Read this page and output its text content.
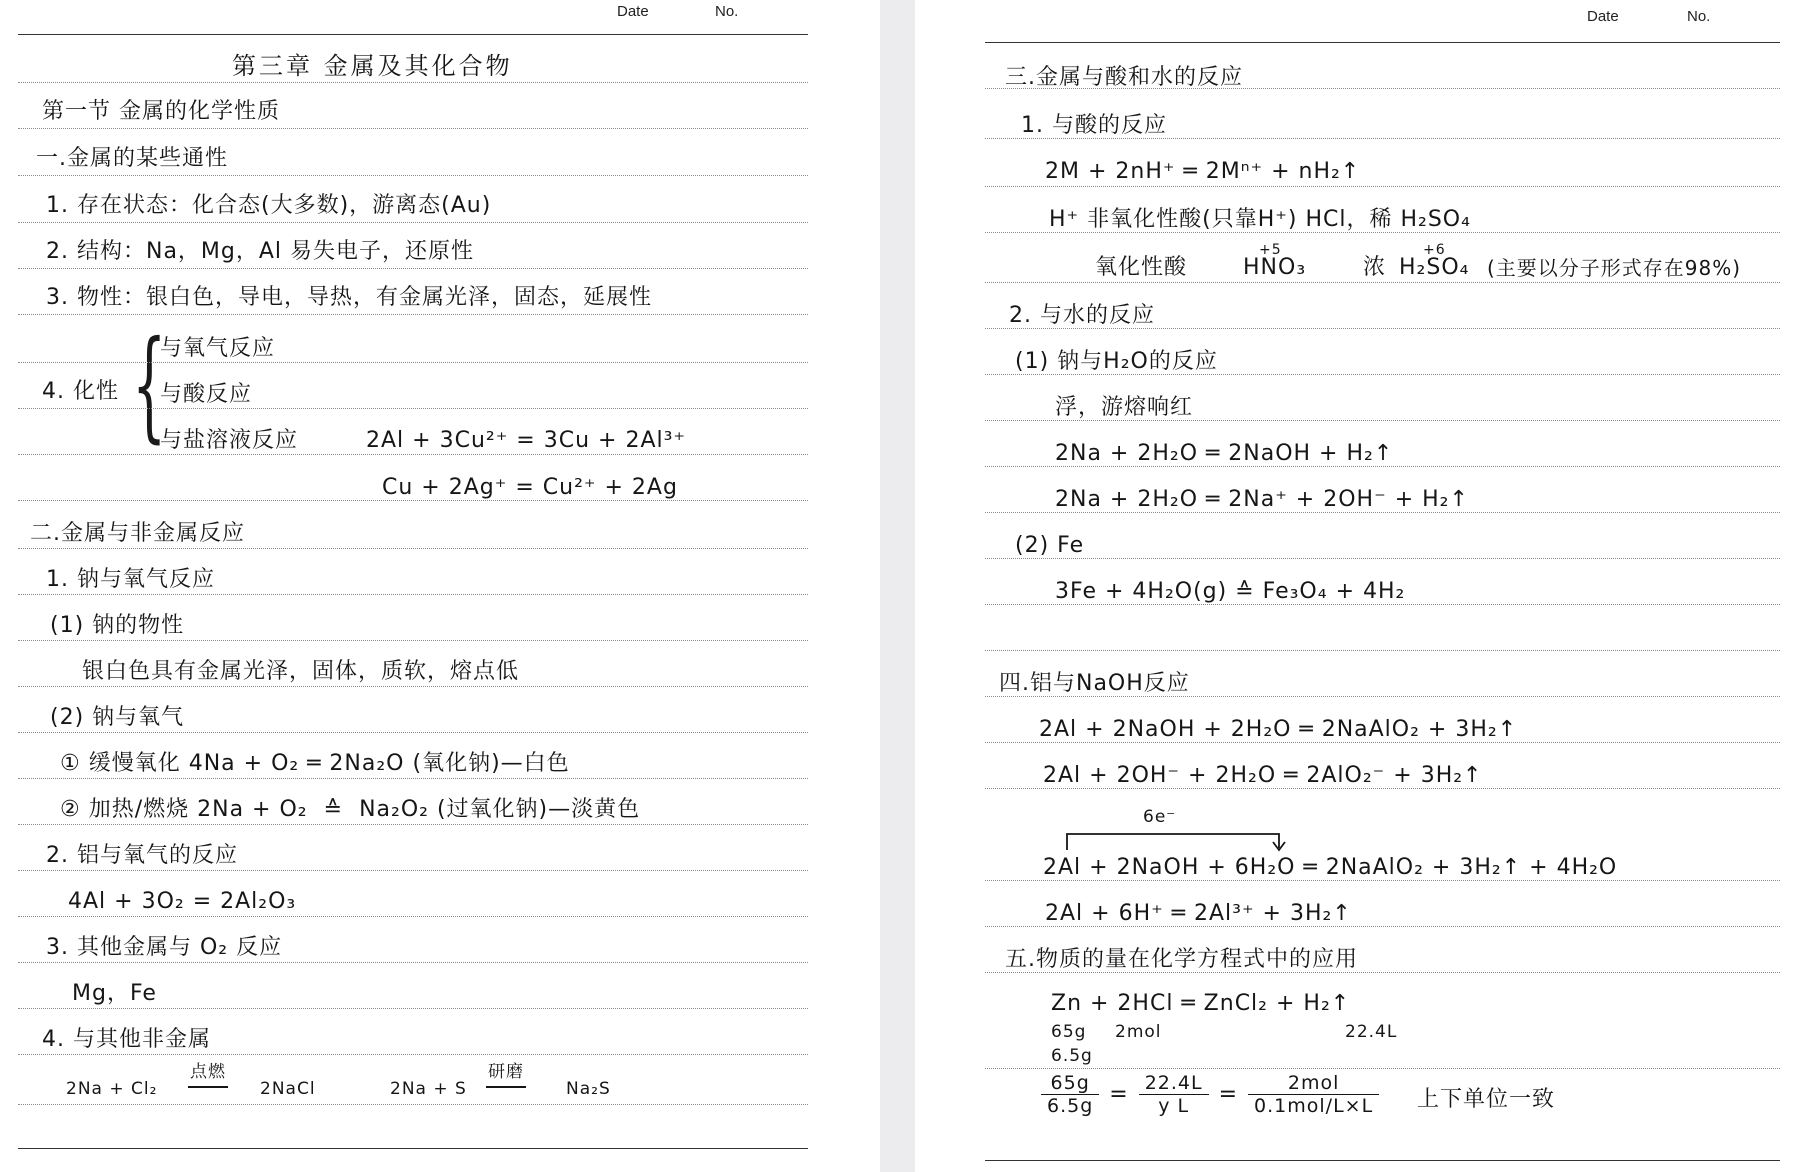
Date	No.
第三章 金属及其化合物
第一节 金属的化学性质
一.金属的某些通性
1. 存在状态：化合态(大多数)，游离态(Au)
2. 结构：Na，Mg，Al 易失电子，还原性
3. 物性：银白色，导电，导热，有金属光泽，固态，延展性
4. 化性 {
与氧气反应
与酸反应
与盐溶液反应	2Al + 3Cu²⁺ = 3Cu + 2Al³⁺
Cu + 2Ag⁺ = Cu²⁺ + 2Ag
二.金属与非金属反应
1. 钠与氧气反应
(1) 钠的物性
银白色具有金属光泽，固体，质软，熔点低
(2) 钠与氧气
① 缓慢氧化 4Na + O₂ ═ 2Na₂O (氧化钠)—白色
② 加热/燃烧 2Na + O₂ ≙ Na₂O₂ (过氧化钠)—淡黄色
2. 铝与氧气的反应
4Al + 3O₂ = 2Al₂O₃
3. 其他金属与 O₂ 反应
Mg，Fe
4. 与其他非金属
2Na + Cl₂
点燃
2NaCl	2Na + S
研磨
Na₂S
Date	No.
三.金属与酸和水的反应
1. 与酸的反应
2M + 2nH⁺ ═ 2Mⁿ⁺ + nH₂↑
H⁺ 非氧化性酸(只靠H⁺) HCl，稀 H₂SO₄
氧化性酸
+5
HNO₃	浓
+6
H₂SO₄ (主要以分子形式存在98%)
2. 与水的反应
(1) 钠与H₂O的反应
浮，游熔响红
2Na + 2H₂O ═ 2NaOH + H₂↑
2Na + 2H₂O ═ 2Na⁺ + 2OH⁻ + H₂↑
(2) Fe
3Fe + 4H₂O(g) ≙ Fe₃O₄ + 4H₂
四.铝与NaOH反应
2Al + 2NaOH + 2H₂O ═ 2NaAlO₂ + 3H₂↑
2Al + 2OH⁻ + 2H₂O ═ 2AlO₂⁻ + 3H₂↑
6e⁻
2Al + 2NaOH + 6H₂O ═ 2NaAlO₂ + 3H₂↑ + 4H₂O
2Al + 6H⁺ ═ 2Al³⁺ + 3H₂↑
五.物质的量在化学方程式中的应用
Zn + 2HCl ═ ZnCl₂ + H₂↑
65g 2mol	22.4L
6.5g
$\frac{65g}{6.5g} = \frac{22.4L}{\text{y L}} = \frac{\text{2mol}}{\text{0.1mol/L×L}}$ 上下单位一致
